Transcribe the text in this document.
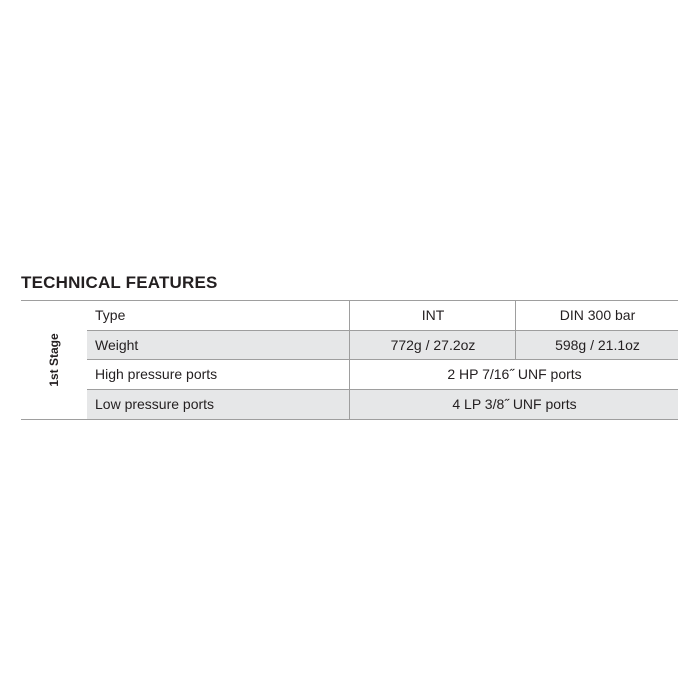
TECHNICAL FEATURES
1st Stage
Type	INT	DIN 300 bar
Weight	772g / 27.2oz	598g / 21.1oz
High pressure ports	2 HP 7/16˝ UNF ports
Low pressure ports	4 LP 3/8˝ UNF ports
